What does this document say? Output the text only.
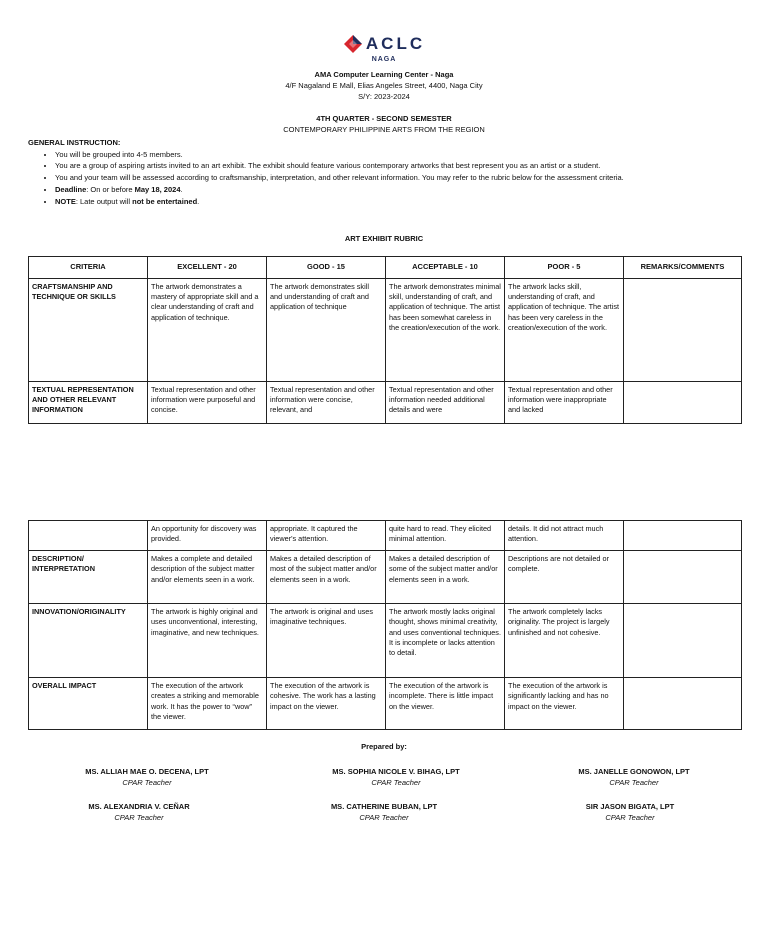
ACLC
NAGA
AMA Computer Learning Center - Naga
4/F Nagaland E Mall, Elias Angeles Street, 4400, Naga City
S/Y: 2023-2024
4TH QUARTER - SECOND SEMESTER
CONTEMPORARY PHILIPPINE ARTS FROM THE REGION
GENERAL INSTRUCTION:
• You will be grouped into 4-5 members.
• You are a group of aspiring artists invited to an art exhibit. The exhibit should feature various contemporary artworks that best represent you as an artist or a student.
• You and your team will be assessed according to craftsmanship, interpretation, and other relevant information. You may refer to the rubric below for the assessment criteria.
• Deadline: On or before May 18, 2024.
• NOTE: Late output will not be entertained.
ART EXHIBIT RUBRIC
CRITERIA	EXCELLENT - 20	GOOD - 15	ACCEPTABLE - 10	POOR - 5	REMARKS/COMMENTS
CRAFTSMANSHIP AND TECHNIQUE OR SKILLS	The artwork demonstrates a mastery of appropriate skill and a clear understanding of craft and application of technique.	The artwork demonstrates skill and understanding of craft and application of technique	The artwork demonstrates minimal skill, understanding of craft, and application of technique. The artist has been somewhat careless in the creation/execution of the work.	The artwork lacks skill, understanding of craft, and application of technique. The artist has been very careless in the creation/execution of the work.	
TEXTUAL REPRESENTATION AND OTHER RELEVANT INFORMATION	Textual representation and other information were purposeful and concise.	Textual representation and other information were concise, relevant, and	Textual representation and other information needed additional details and were	Textual representation and other information were inappropriate and lacked	
	An opportunity for discovery was provided.	appropriate. It captured the viewer's attention.	quite hard to read. They elicited minimal attention.	details. It did not attract much attention.	
DESCRIPTION/ INTERPRETATION	Makes a complete and detailed description of the subject matter and/or elements seen in a work.	Makes a detailed description of most of the subject matter and/or elements seen in a work.	Makes a detailed description of some of the subject matter and/or elements seen in a work.	Descriptions are not detailed or complete.	
INNOVATION/ORIGINALITY	The artwork is highly original and uses unconventional, interesting, imaginative, and new techniques.	The artwork is original and uses imaginative techniques.	The artwork mostly lacks original thought, shows minimal creativity, and uses conventional techniques. It is incomplete or lacks attention to detail.	The artwork completely lacks originality. The project is largely unfinished and not cohesive.	
OVERALL IMPACT	The execution of the artwork creates a striking and memorable work. It has the power to “wow” the viewer.	The execution of the artwork is cohesive. The work has a lasting impact on the viewer.	The execution of the artwork is incomplete. There is little impact on the viewer.	The execution of the artwork is significantly lacking and has no impact on the viewer.	
Prepared by:
MS. ALLIAH MAE O. DECENA, LPT
CPAR Teacher
MS. SOPHIA NICOLE V. BIHAG, LPT
CPAR Teacher
MS. JANELLE GONOWON, LPT
CPAR Teacher
MS. ALEXANDRIA V. CEÑAR
CPAR Teacher
MS. CATHERINE BUBAN, LPT
CPAR Teacher
SIR JASON BIGATA, LPT
CPAR Teacher
